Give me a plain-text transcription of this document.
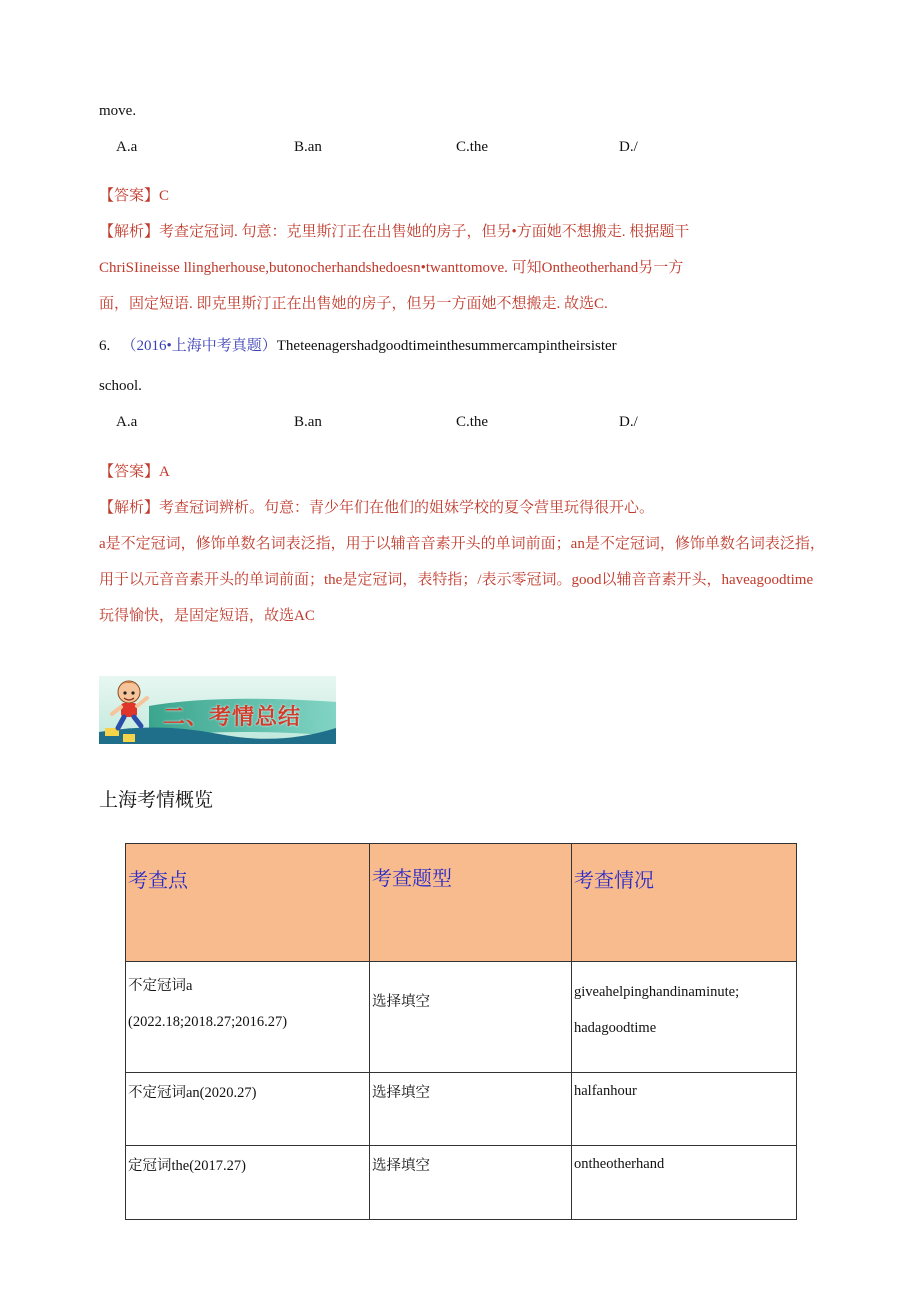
move.
A.a	B.an	C.the	D./
【答案】C
【解析】考查定冠词. 句意：克里斯汀正在出售她的房子，但另•方面她不想搬走. 根据题干
ChriSIineisse llingherhouse,butonocherhandshedoesn•twanttomove. 可知Ontheotherhand另一方
面，固定短语. 即克里斯汀正在出售她的房子，但另一方面她不想搬走. 故选C.
6. （2016•上海中考真题）Theteenagershadgoodtimeinthesummercampintheirsister
school.
A.a	B.an	C.the	D./
【答案】A
【解析】考查冠词辨析。句意：青少年们在他们的姐妹学校的夏令营里玩得很开心。
a是不定冠词，修饰单数名词表泛指，用于以辅音音素开头的单词前面；an是不定冠词，修饰单数名词表泛指，
用于以元音音素开头的单词前面；the是定冠词，表特指；/表示零冠词。good以辅音音素开头，haveagoodtime
玩得愉快，是固定短语，故选AC
二、考情总结
上海考情概览
考查点	考查题型	考查情况

不定冠词a
(2022.18;2018.27;2016.27)	选择填空	giveahelpinghandinaminute;
hadagoodtime

不定冠词an(2020.27)	选择填空	halfanhour

定冠词the(2017.27)	选择填空	ontheotherhand
